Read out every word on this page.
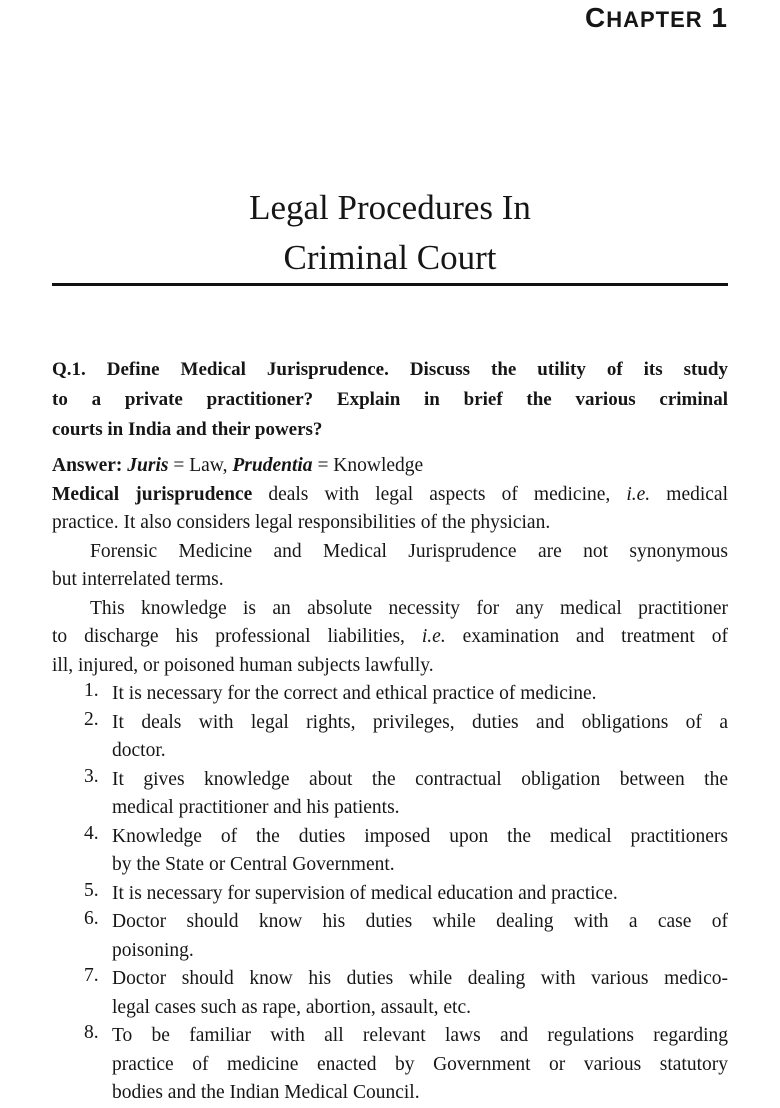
CHAPTER 1
Legal Procedures In
Criminal Court
Q.1. Define Medical Jurisprudence. Discuss the utility of its study
to a private practitioner? Explain in brief the various criminal
courts in India and their powers?
Answer: Juris = Law, Prudentia = Knowledge
Medical jurisprudence deals with legal aspects of medicine, i.e. medical
practice. It also considers legal responsibilities of the physician.
Forensic Medicine and Medical Jurisprudence are not synonymous
but interrelated terms.
This knowledge is an absolute necessity for any medical practitioner
to discharge his professional liabilities, i.e. examination and treatment of
ill, injured, or poisoned human subjects lawfully.
1. It is necessary for the correct and ethical practice of medicine.
2. It deals with legal rights, privileges, duties and obligations of a
doctor.
3. It gives knowledge about the contractual obligation between the
medical practitioner and his patients.
4. Knowledge of the duties imposed upon the medical practitioners
by the State or Central Government.
5. It is necessary for supervision of medical education and practice.
6. Doctor should know his duties while dealing with a case of
poisoning.
7. Doctor should know his duties while dealing with various medico-
legal cases such as rape, abortion, assault, etc.
8. To be familiar with all relevant laws and regulations regarding
practice of medicine enacted by Government or various statutory
bodies and the Indian Medical Council.
